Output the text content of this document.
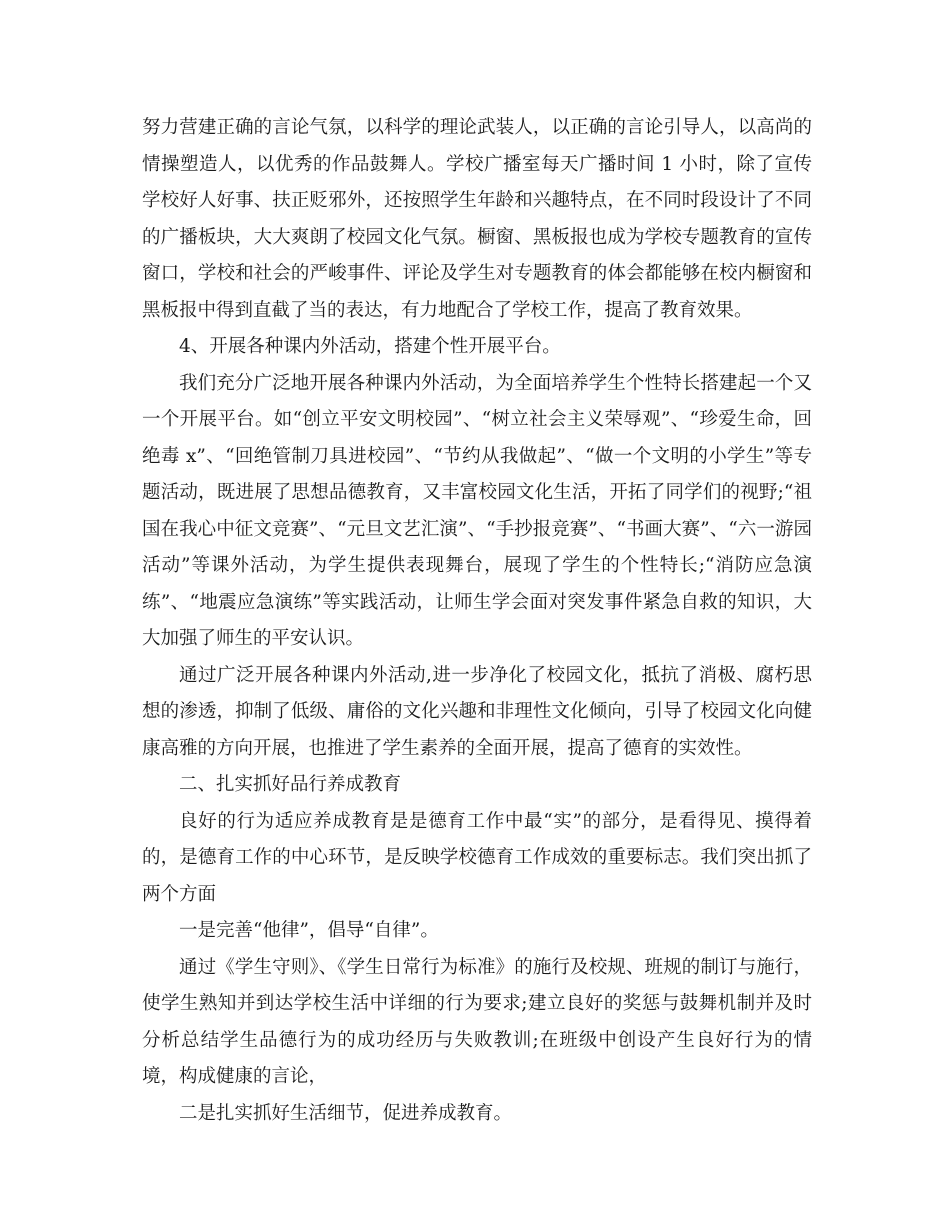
努力营建正确的言论气氛，以科学的理论武装人，以正确的言论引导人，以高尚的情操塑造人，以优秀的作品鼓舞人。学校广播室每天广播时间 1 小时，除了宣传学校好人好事、扶正贬邪外，还按照学生年龄和兴趣特点，在不同时段设计了不同的广播板块，大大爽朗了校园文化气氛。橱窗、黑板报也成为学校专题教育的宣传窗口，学校和社会的严峻事件、评论及学生对专题教育的体会都能够在校内橱窗和黑板报中得到直截了当的表达，有力地配合了学校工作，提高了教育效果。

4、开展各种课内外活动，搭建个性开展平台。

我们充分广泛地开展各种课内外活动，为全面培养学生个性特长搭建起一个又一个开展平台。如“创立平安文明校园”、“树立社会主义荣辱观”、“珍爱生命，回绝毒 x”、“回绝管制刀具进校园”、“节约从我做起”、“做一个文明的小学生”等专题活动，既进展了思想品德教育，又丰富校园文化生活，开拓了同学们的视野;“祖国在我心中征文竞赛”、“元旦文艺汇演”、“手抄报竞赛”、“书画大赛”、“六一游园活动”等课外活动，为学生提供表现舞台，展现了学生的个性特长;“消防应急演练”、“地震应急演练”等实践活动，让师生学会面对突发事件紧急自救的知识，大大加强了师生的平安认识。

通过广泛开展各种课内外活动,进一步净化了校园文化，抵抗了消极、腐朽思想的渗透，抑制了低级、庸俗的文化兴趣和非理性文化倾向，引导了校园文化向健康高雅的方向开展，也推进了学生素养的全面开展，提高了德育的实效性。

二、扎实抓好品行养成教育

良好的行为适应养成教育是是德育工作中最“实”的部分，是看得见、摸得着的，是德育工作的中心环节，是反映学校德育工作成效的重要标志。我们突出抓了两个方面

一是完善“他律”，倡导“自律”。

通过《学生守则》、《学生日常行为标准》的施行及校规、班规的制订与施行，使学生熟知并到达学校生活中详细的行为要求;建立良好的奖惩与鼓舞机制并及时分析总结学生品德行为的成功经历与失败教训;在班级中创设产生良好行为的情境，构成健康的言论，

二是扎实抓好生活细节，促进养成教育。
